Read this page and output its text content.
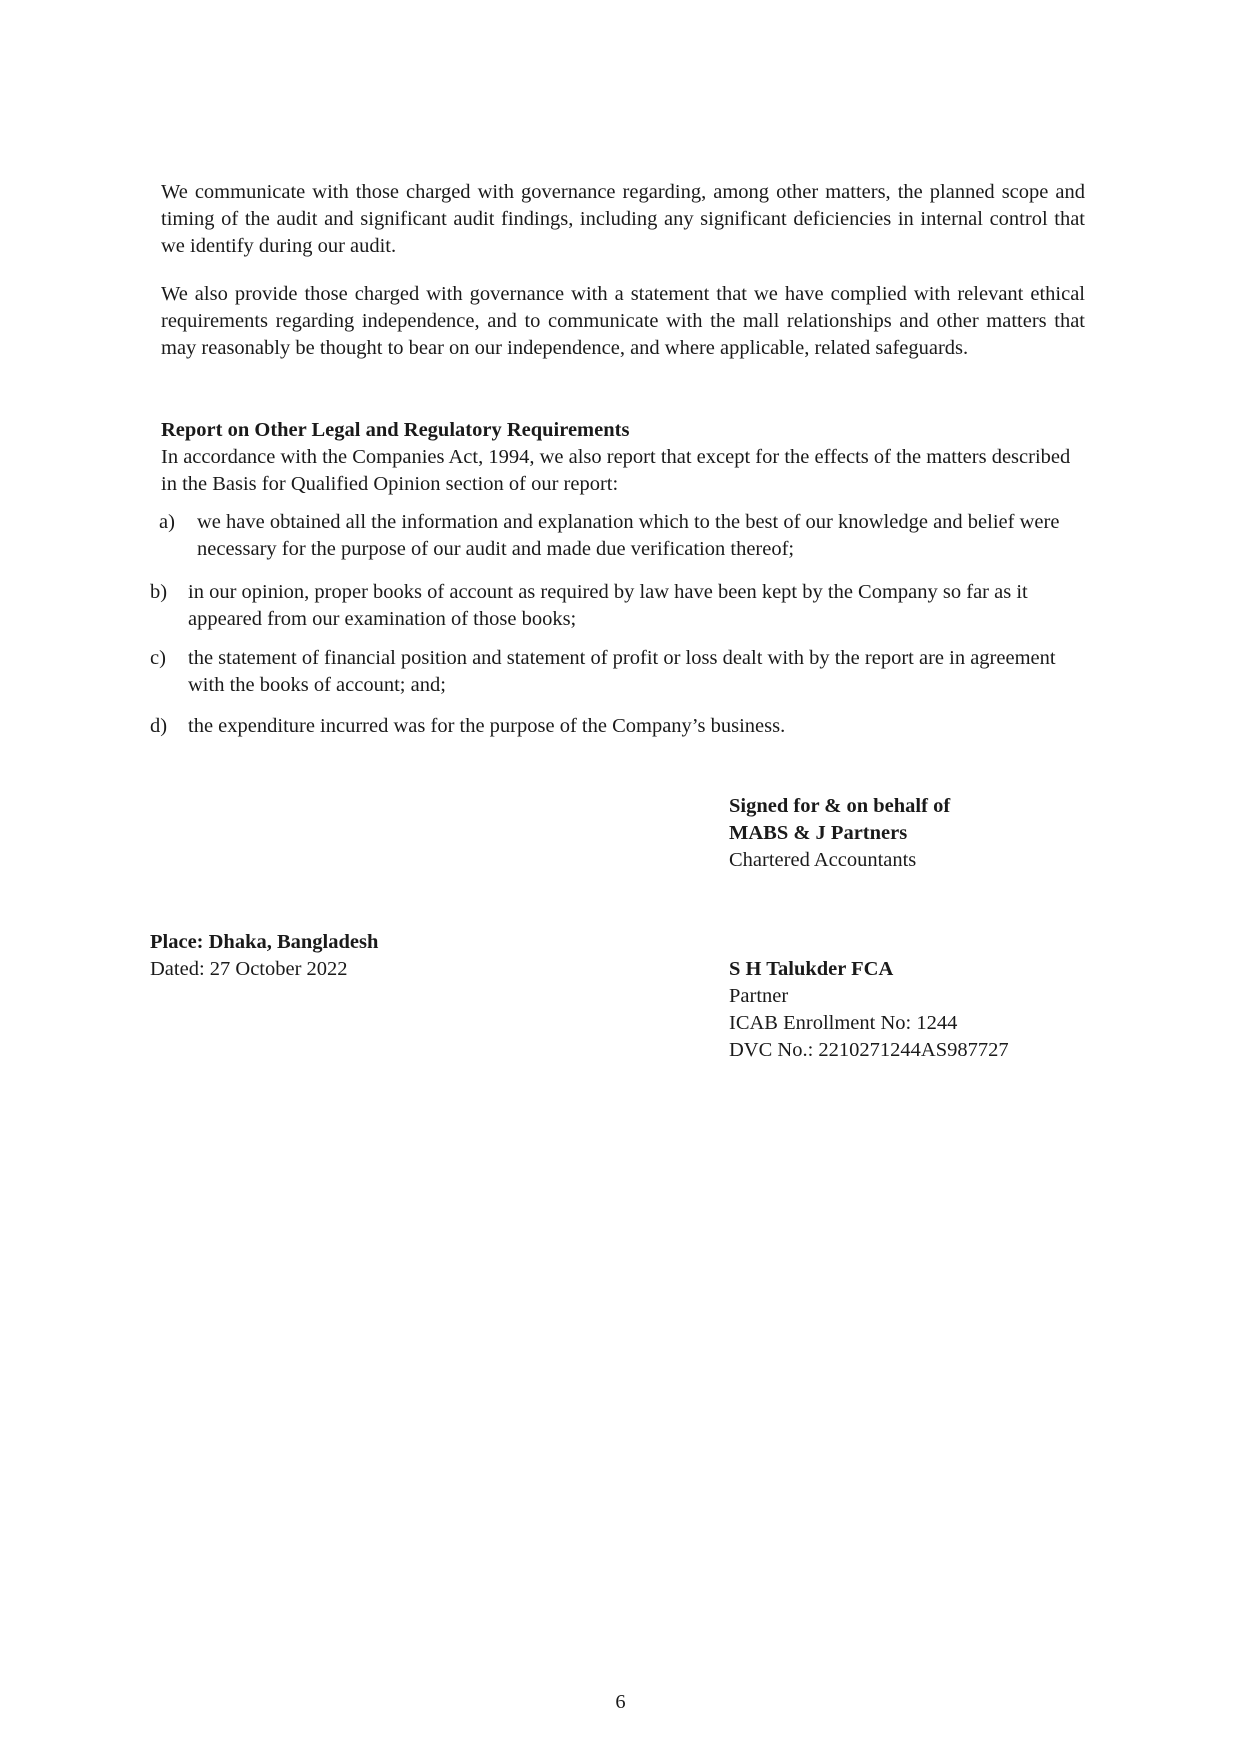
We communicate with those charged with governance regarding, among other matters, the planned scope and timing of the audit and significant audit findings, including any significant deficiencies in internal control that we identify during our audit.

We also provide those charged with governance with a statement that we have complied with relevant ethical requirements regarding independence, and to communicate with the mall relationships and other matters that may reasonably be thought to bear on our independence, and where applicable, related safeguards.

Report on Other Legal and Regulatory Requirements

In accordance with the Companies Act, 1994, we also report that except for the effects of the matters described in the Basis for Qualified Opinion section of our report:

a) we have obtained all the information and explanation which to the best of our knowledge and belief were necessary for the purpose of our audit and made due verification thereof;
b) in our opinion, proper books of account as required by law have been kept by the Company so far as it appeared from our examination of those books;
c) the statement of financial position and statement of profit or loss dealt with by the report are in agreement with the books of account; and;
d) the expenditure incurred was for the purpose of the Company’s business.
Signed for & on behalf of
MABS & J Partners
Chartered Accountants
Place: Dhaka, Bangladesh
Dated: 27 October 2022	S H Talukder FCA
Partner
ICAB Enrollment No: 1244
DVC No.: 2210271244AS987727
6
